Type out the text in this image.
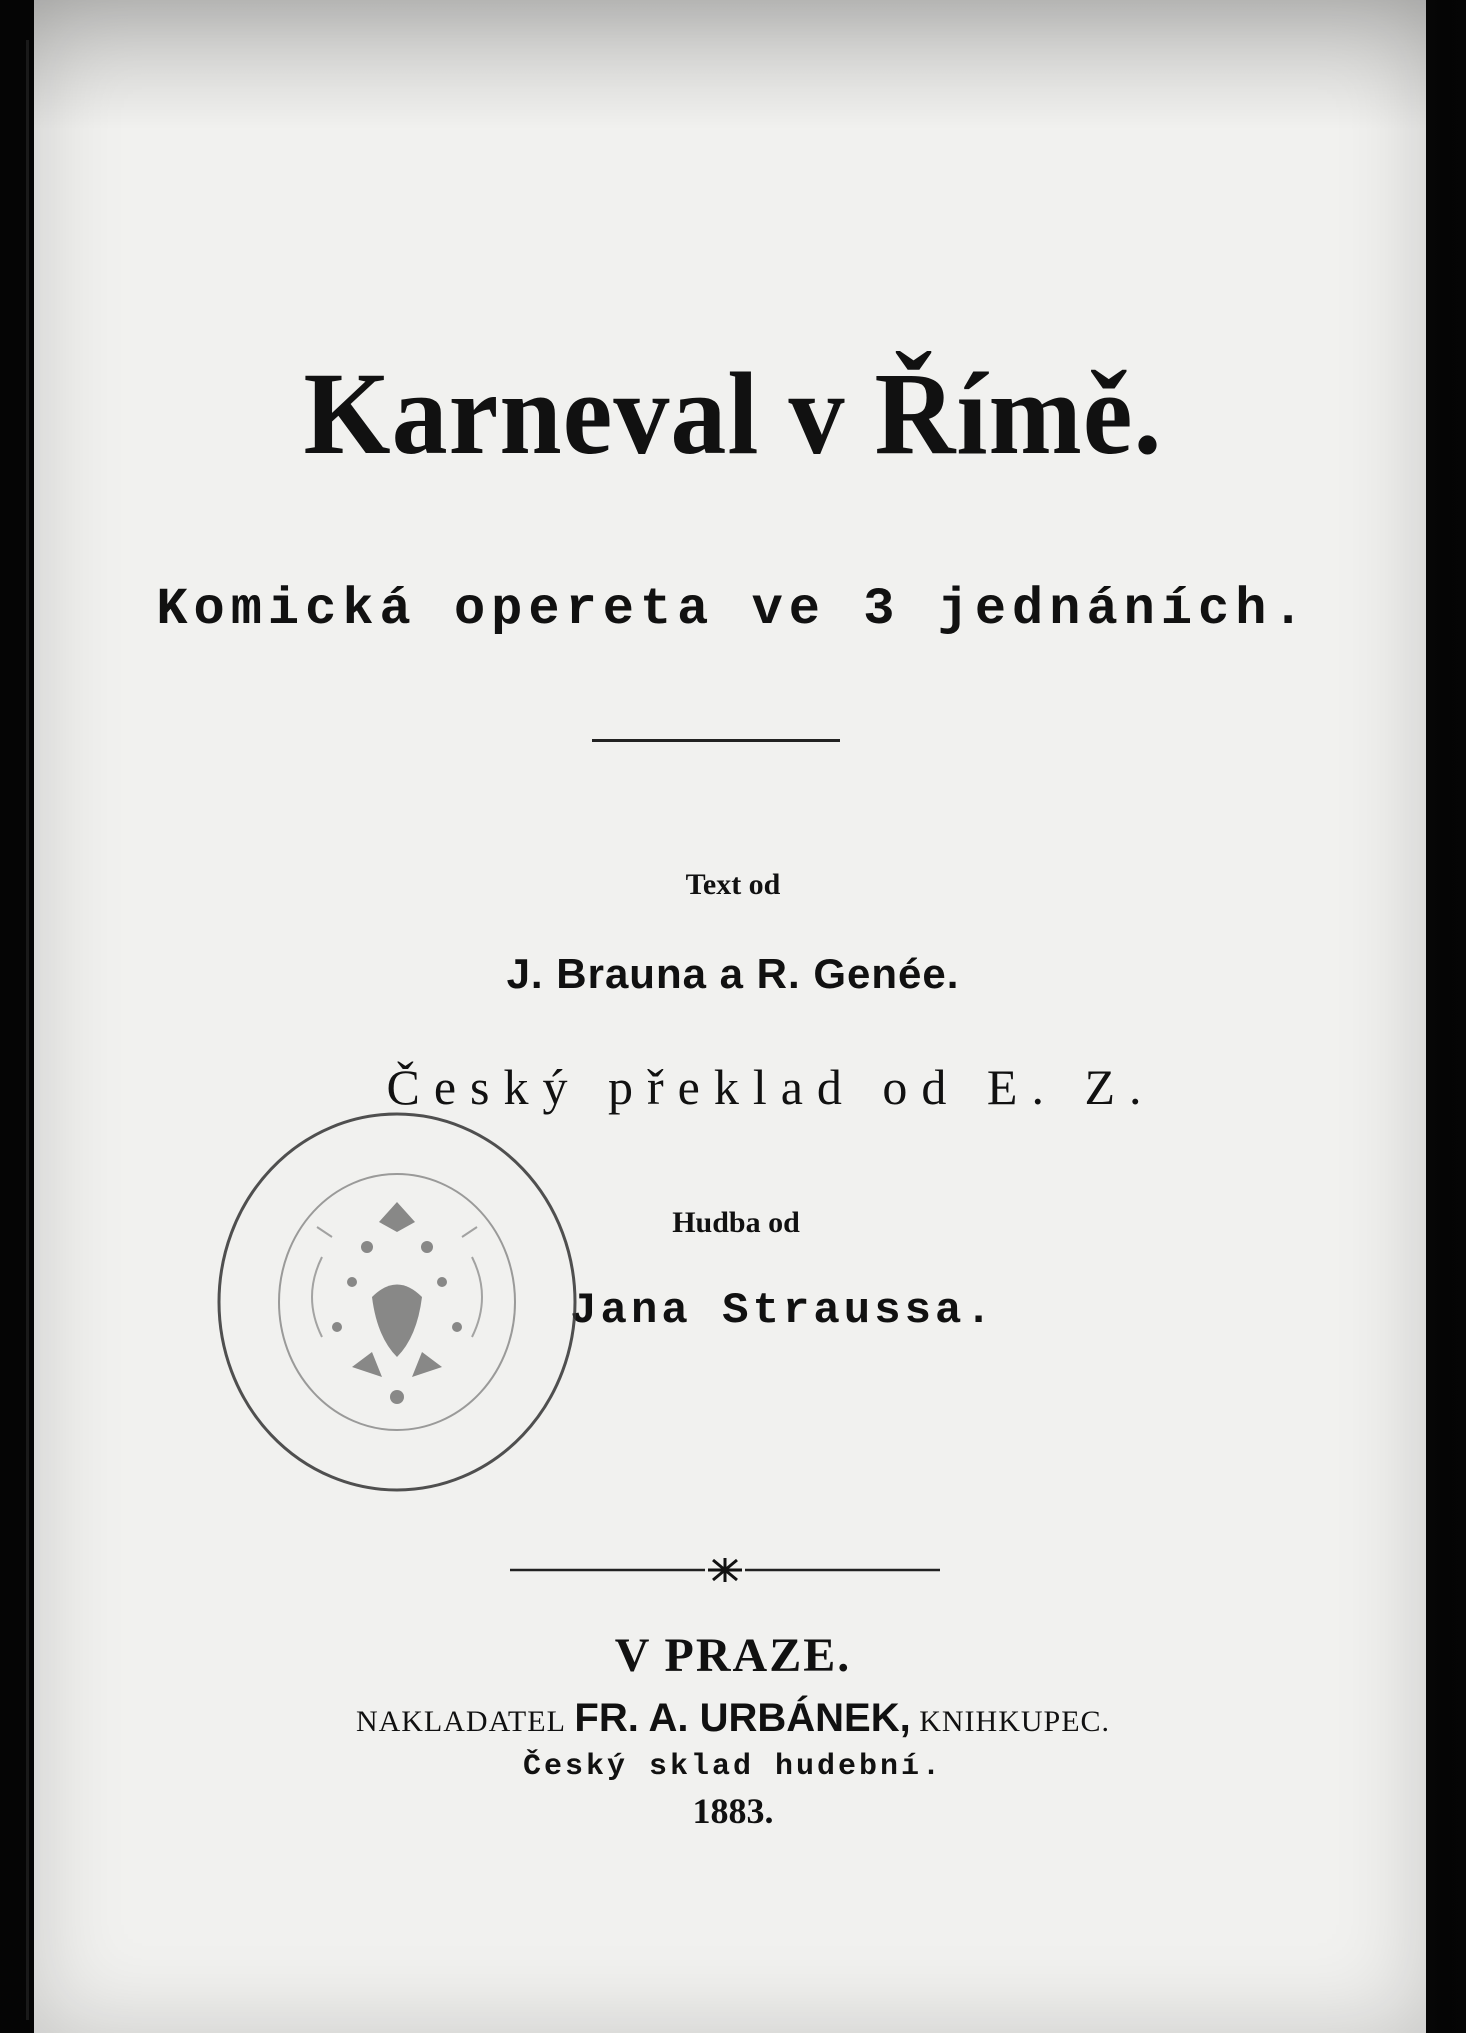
Karneval v Římě.
Komická opereta ve 3 jednáních.
Text od
J. Brauna a R. Genée.
Český překlad od E. Z.
Hudba od
Jana Straussa.
V PRAZE.
NAKLADATEL FR. A. URBÁNEK, KNIHKUPEC.
Český sklad hudební.
1883.
